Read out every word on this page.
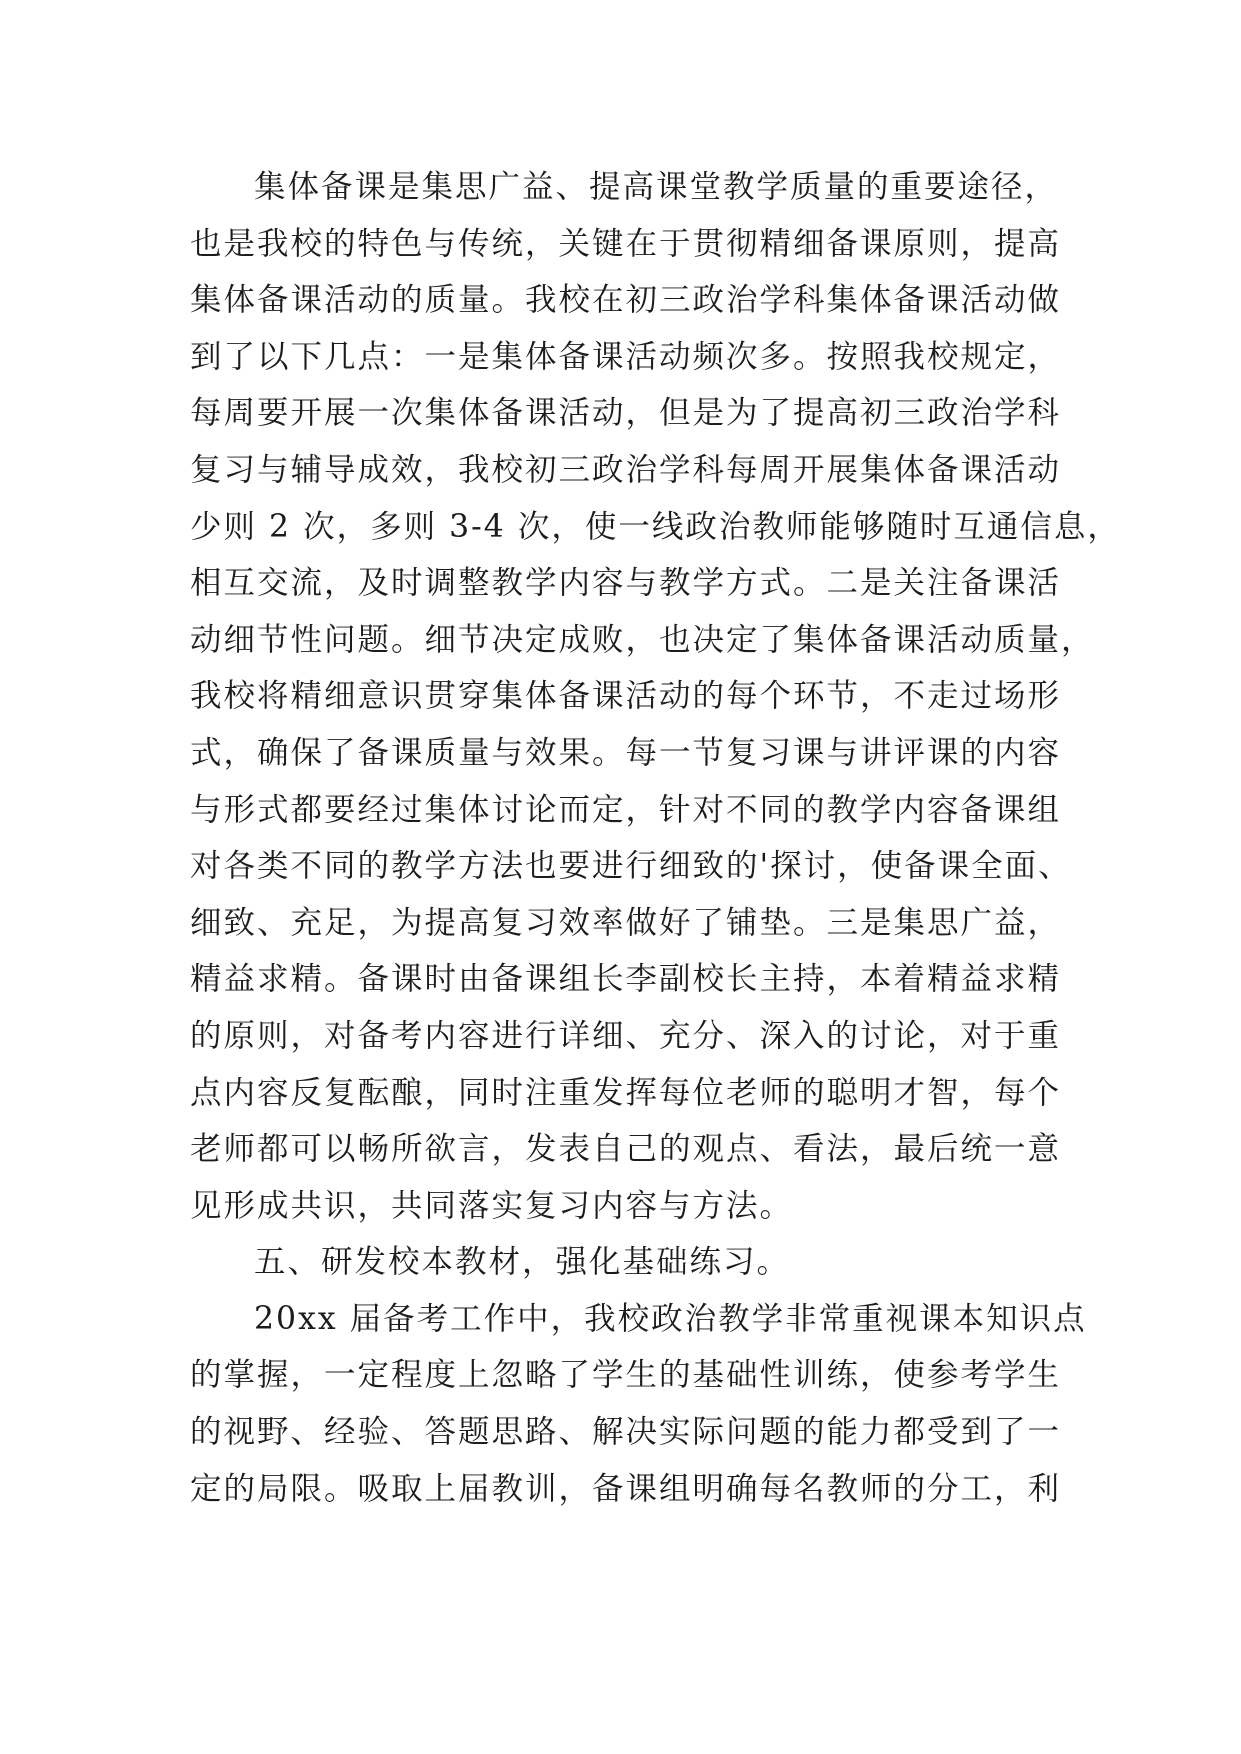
集体备课是集思广益、提高课堂教学质量的重要途径，
也是我校的特色与传统，关键在于贯彻精细备课原则，提高
集体备课活动的质量。我校在初三政治学科集体备课活动做
到了以下几点：一是集体备课活动频次多。按照我校规定，
每周要开展一次集体备课活动，但是为了提高初三政治学科
复习与辅导成效，我校初三政治学科每周开展集体备课活动
少则 2 次，多则 3-4 次，使一线政治教师能够随时互通信息，
相互交流，及时调整教学内容与教学方式。二是关注备课活
动细节性问题。细节决定成败，也决定了集体备课活动质量，
我校将精细意识贯穿集体备课活动的每个环节，不走过场形
式，确保了备课质量与效果。每一节复习课与讲评课的内容
与形式都要经过集体讨论而定，针对不同的教学内容备课组
对各类不同的教学方法也要进行细致的'探讨，使备课全面、
细致、充足，为提高复习效率做好了铺垫。三是集思广益，
精益求精。备课时由备课组长李副校长主持，本着精益求精
的原则，对备考内容进行详细、充分、深入的讨论，对于重
点内容反复酝酿，同时注重发挥每位老师的聪明才智，每个
老师都可以畅所欲言，发表自己的观点、看法，最后统一意
见形成共识，共同落实复习内容与方法。
五、研发校本教材，强化基础练习。
20xx 届备考工作中，我校政治教学非常重视课本知识点
的掌握，一定程度上忽略了学生的基础性训练，使参考学生
的视野、经验、答题思路、解决实际问题的能力都受到了一
定的局限。吸取上届教训，备课组明确每名教师的分工，利
